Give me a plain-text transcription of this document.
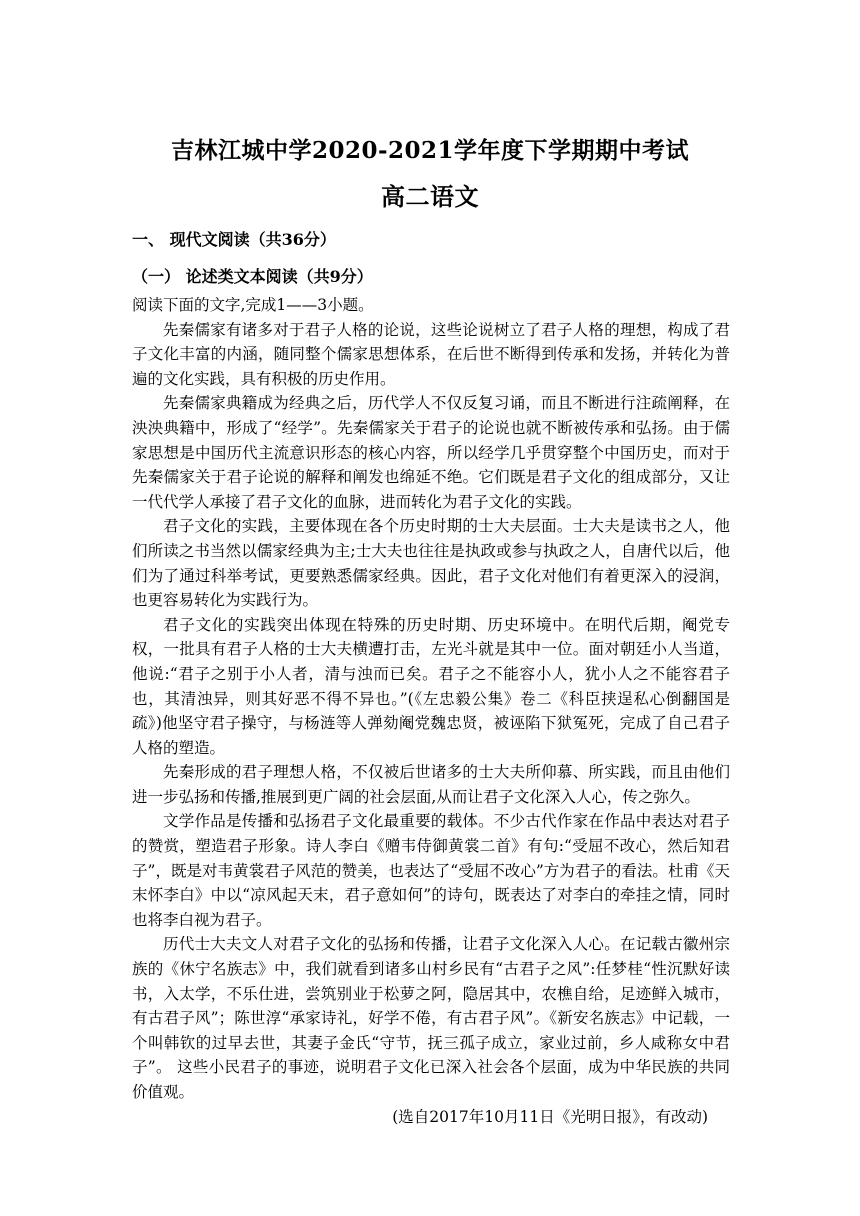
吉林江城中学2020-2021学年度下学期期中考试
高二语文
一、 现代文阅读（共36分）
（一） 论述类文本阅读（共9分）

阅读下面的文字,完成1——3小题。

先秦儒家有诸多对于君子人格的论说，这些论说树立了君子人格的理想，构成了君子文化丰富的内涵，随同整个儒家思想体系，在后世不断得到传承和发扬，并转化为普遍的文化实践，具有积极的历史作用。

先秦儒家典籍成为经典之后，历代学人不仅反复习诵，而且不断进行注疏阐释，在泱泱典籍中，形成了“经学”。先秦儒家关于君子的论说也就不断被传承和弘扬。由于儒家思想是中国历代主流意识形态的核心内容，所以经学几乎贯穿整个中国历史，而对于先秦儒家关于君子论说的解释和阐发也绵延不绝。它们既是君子文化的组成部分，又让一代代学人承接了君子文化的血脉，进而转化为君子文化的实践。

君子文化的实践，主要体现在各个历史时期的士大夫层面。士大夫是读书之人，他们所读之书当然以儒家经典为主;士大夫也往往是执政或参与执政之人，自唐代以后，他们为了通过科举考试，更要熟悉儒家经典。因此，君子文化对他们有着更深入的浸润，也更容易转化为实践行为。

君子文化的实践突出体现在特殊的历史时期、历史环境中。在明代后期，阉党专权，一批具有君子人格的士大夫横遭打击，左光斗就是其中一位。面对朝廷小人当道，他说:“君子之别于小人者，清与浊而已矣。君子之不能容小人，犹小人之不能容君子也，其清浊异，则其好恶不得不异也。”(《左忠毅公集》卷二《科臣挟逞私心倒翻国是疏》)他坚守君子操守，与杨涟等人弹劾阉党魏忠贤，被诬陷下狱冤死，完成了自己君子人格的塑造。

先秦形成的君子理想人格，不仅被后世诸多的士大夫所仰慕、所实践，而且由他们进一步弘扬和传播,推展到更广阔的社会层面,从而让君子文化深入人心，传之弥久。

文学作品是传播和弘扬君子文化最重要的载体。不少古代作家在作品中表达对君子的赞赏，塑造君子形象。诗人李白《赠韦侍御黄裳二首》有句:“受屈不改心，然后知君子”，既是对韦黄裳君子风范的赞美，也表达了“受屈不改心”方为君子的看法。杜甫《天末怀李白》中以“凉风起天末，君子意如何”的诗句，既表达了对李白的牵挂之情，同时也将李白视为君子。

历代士大夫文人对君子文化的弘扬和传播，让君子文化深入人心。在记载古徽州宗族的《休宁名族志》中，我们就看到诸多山村乡民有“古君子之风”:任梦桂“性沉默好读书，入太学，不乐仕进，尝筑别业于松萝之阿，隐居其中，农樵自给，足迹鲜入城市，有古君子风”；陈世淳“承家诗礼，好学不倦，有古君子风”。《新安名族志》中记载，一个叫韩钦的过早去世，其妻子金氏“守节，抚三孤子成立，家业过前，乡人咸称女中君子”。 这些小民君子的事迹，说明君子文化已深入社会各个层面，成为中华民族的共同价值观。

(选自2017年10月11日《光明日报》，有改动)
